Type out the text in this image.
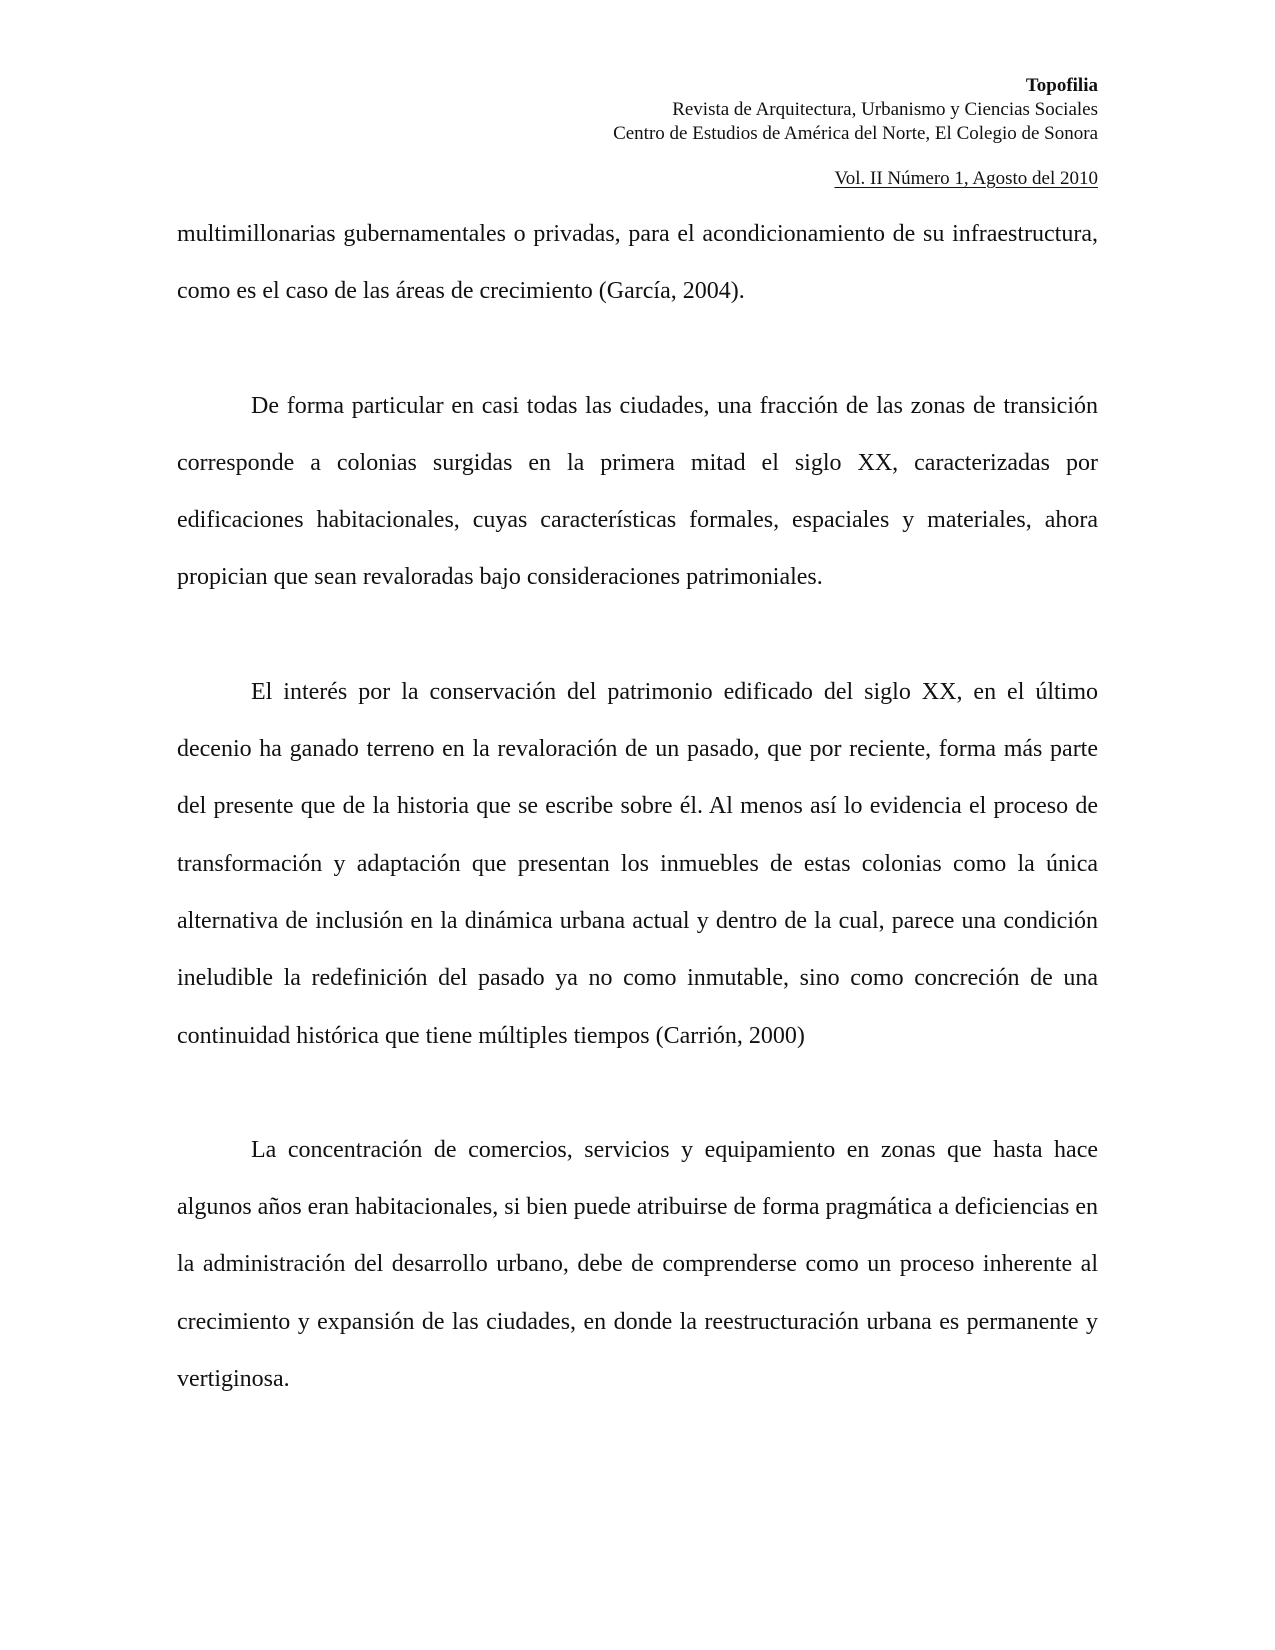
Topofilia
Revista de Arquitectura, Urbanismo y Ciencias Sociales
Centro de Estudios de América del Norte, El Colegio de Sonora
Vol. II Número 1, Agosto del 2010

multimillonarias gubernamentales o privadas, para el acondicionamiento de su infraestructura, como es el caso de las áreas de crecimiento (García, 2004).

De forma particular en casi todas las ciudades, una fracción de las zonas de transición corresponde a colonias surgidas en la primera mitad el siglo XX, caracterizadas por edificaciones habitacionales, cuyas características formales, espaciales y materiales, ahora propician que sean revaloradas bajo consideraciones patrimoniales.

El interés por la conservación del patrimonio edificado del siglo XX, en el último decenio ha ganado terreno en la revaloración de un pasado, que por reciente, forma más parte del presente que de la historia que se escribe sobre él. Al menos así lo evidencia el proceso de transformación y adaptación que presentan los inmuebles de estas colonias como la única alternativa de inclusión en la dinámica urbana actual y dentro de la cual, parece una condición ineludible la redefinición del pasado ya no como inmutable, sino como concreción de una continuidad histórica que tiene múltiples tiempos (Carrión, 2000)

La concentración de comercios, servicios y equipamiento en zonas que hasta hace algunos años eran habitacionales, si bien puede atribuirse de forma pragmática a deficiencias en la administración del desarrollo urbano, debe de comprenderse como un proceso inherente al crecimiento y expansión de las ciudades, en donde la reestructuración urbana es permanente y vertiginosa.
